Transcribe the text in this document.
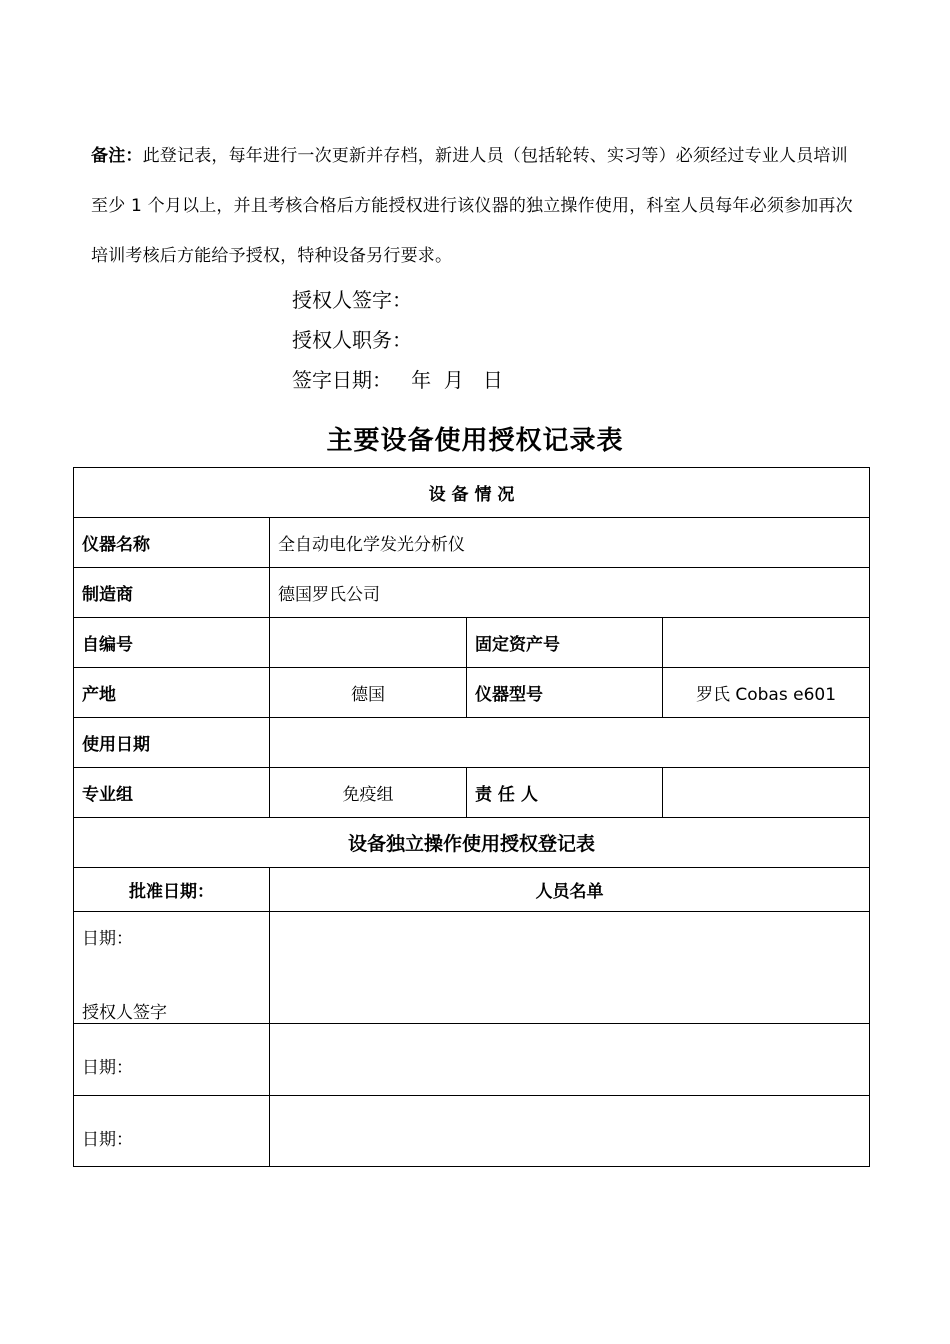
备注：此登记表，每年进行一次更新并存档，新进人员（包括轮转、实习等）必须经过专业人员培训至少 1 个月以上，并且考核合格后方能授权进行该仪器的独立操作使用，科室人员每年必须参加再次培训考核后方能给予授权，特种设备另行要求。
授权人签字：
授权人职务：
签字日期：   年  月   日
主要设备使用授权记录表
设 备 情 况			
仪器名称	全自动电化学发光分析仪		
制造商	德国罗氏公司		
自编号		固定资产号	
产地	德国	仪器型号	罗氏 Cobas e601
使用日期			
专业组	免疫组	责 任 人	
设备独立操作使用授权登记表			
批准日期：	人员名单		

日期：
授权人签字			

日期：			

日期：			
